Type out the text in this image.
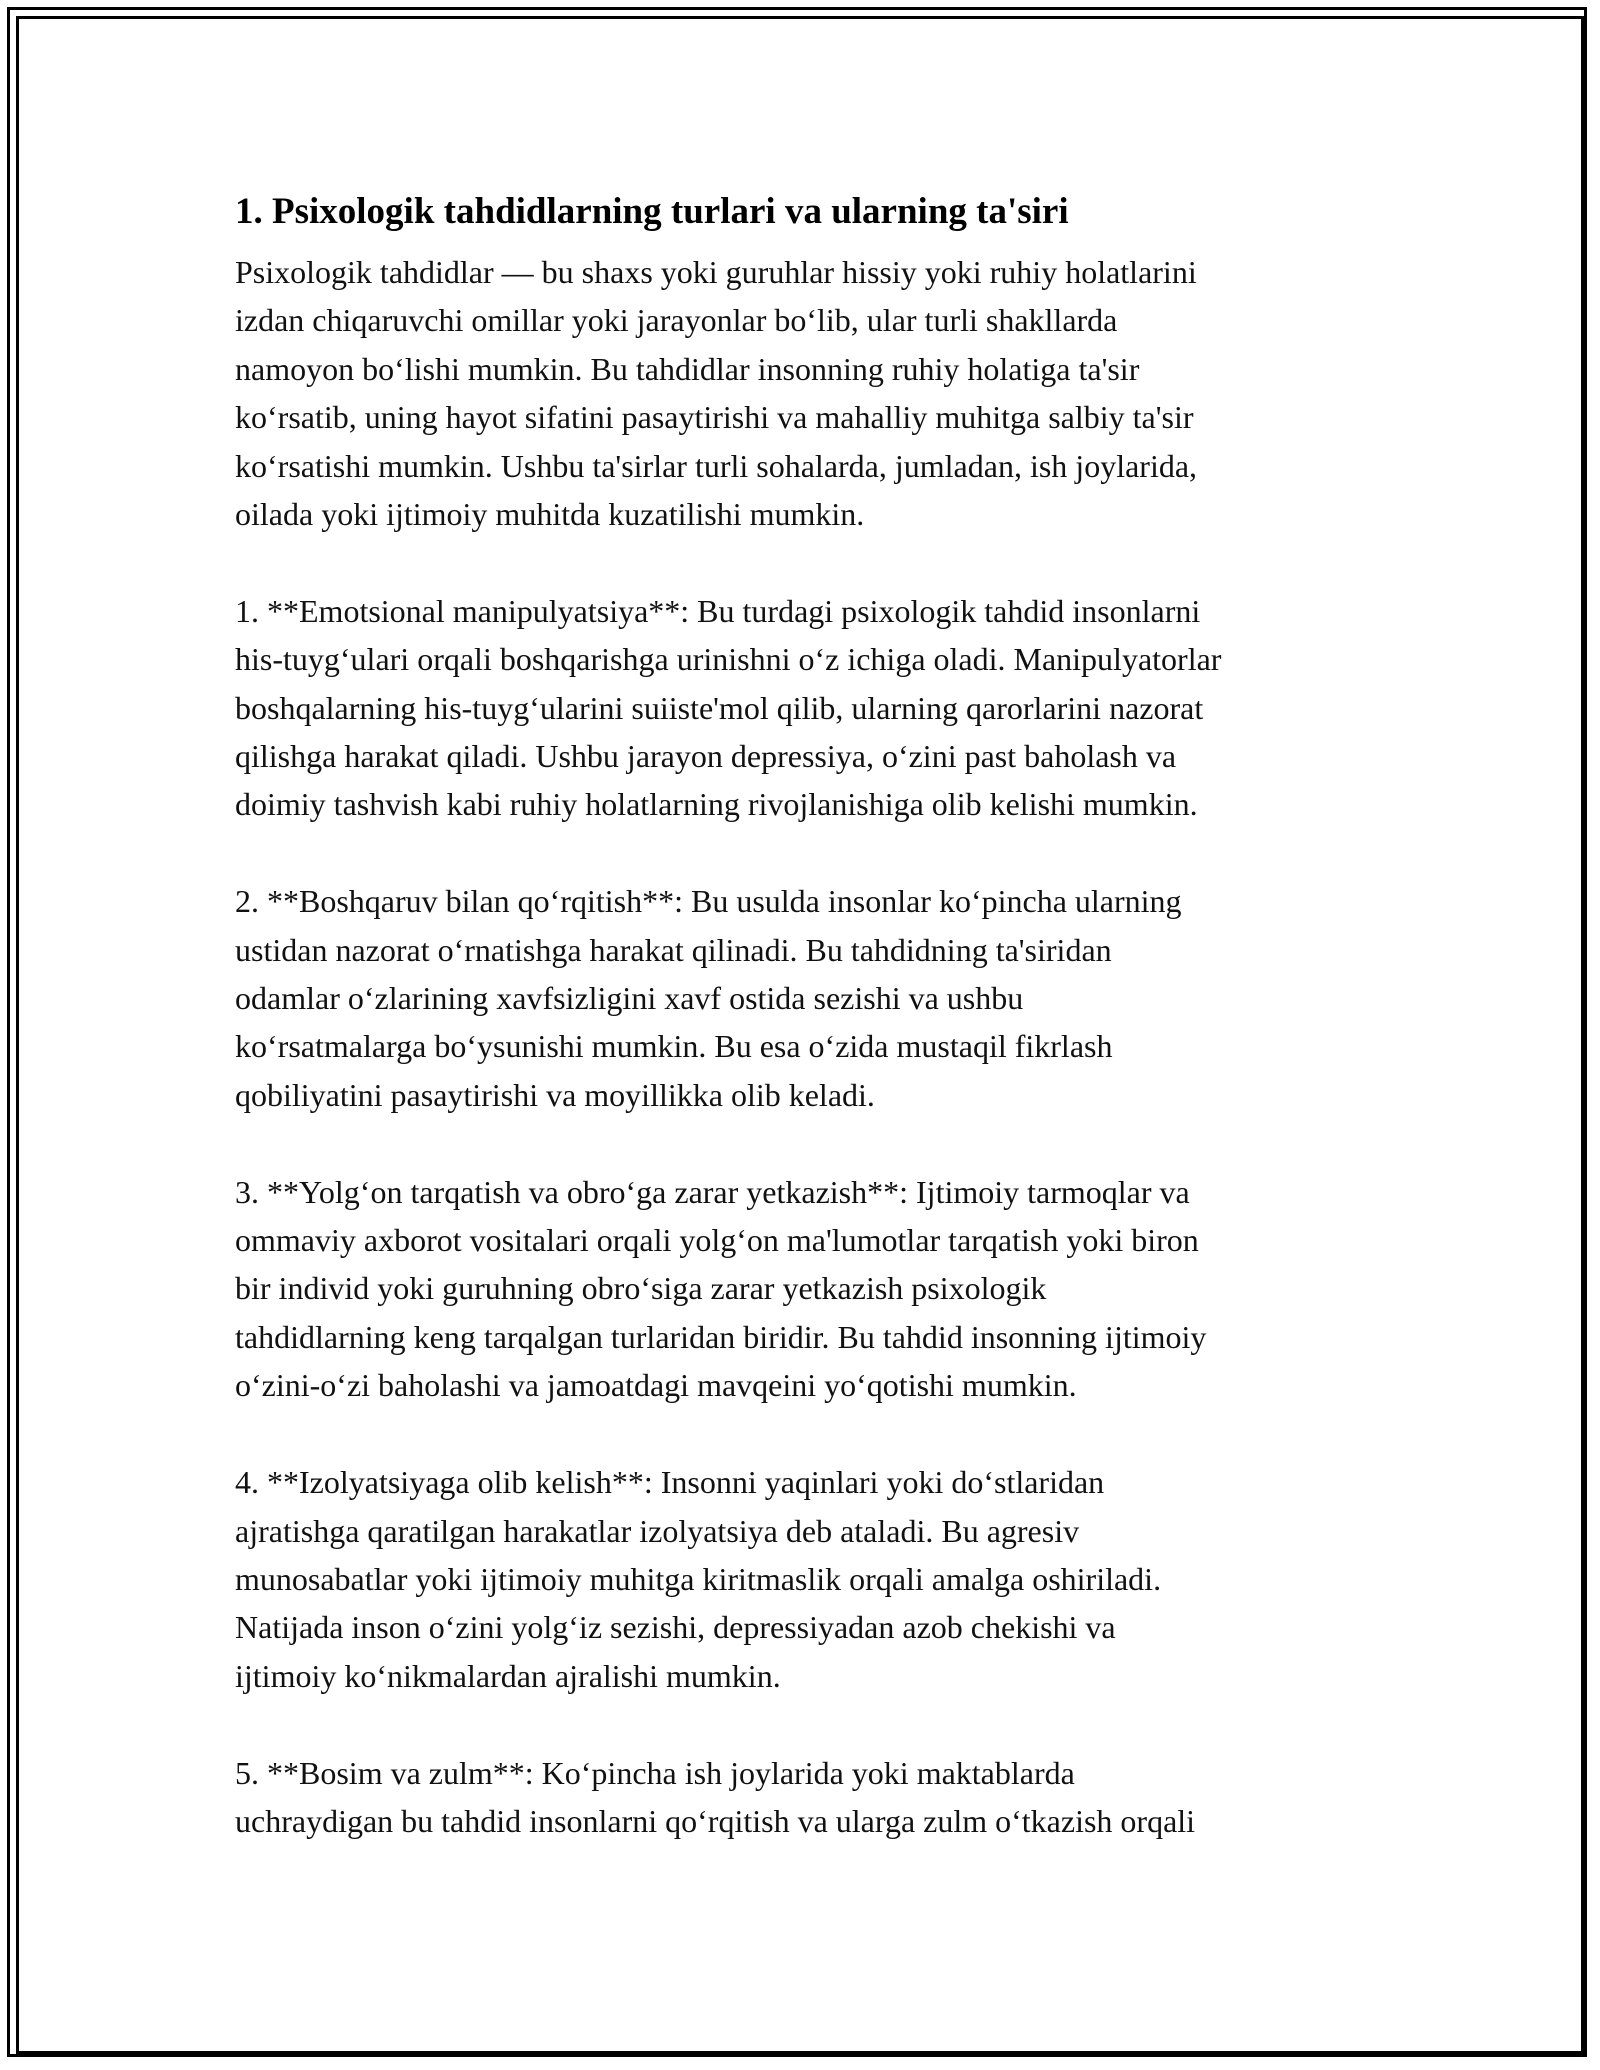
1. Psixologik tahdidlarning turlari va ularning ta'siri

Psixologik tahdidlar — bu shaxs yoki guruhlar hissiy yoki ruhiy holatlarini
izdan chiqaruvchi omillar yoki jarayonlar bo‘lib, ular turli shakllarda
namoyon bo‘lishi mumkin. Bu tahdidlar insonning ruhiy holatiga ta'sir
ko‘rsatib, uning hayot sifatini pasaytirishi va mahalliy muhitga salbiy ta'sir
ko‘rsatishi mumkin. Ushbu ta'sirlar turli sohalarda, jumladan, ish joylarida,
oilada yoki ijtimoiy muhitda kuzatilishi mumkin.

1. **Emotsional manipulyatsiya**: Bu turdagi psixologik tahdid insonlarni
his-tuyg‘ulari orqali boshqarishga urinishni o‘z ichiga oladi. Manipulyatorlar
boshqalarning his-tuyg‘ularini suiiste'mol qilib, ularning qarorlarini nazorat
qilishga harakat qiladi. Ushbu jarayon depressiya, o‘zini past baholash va
doimiy tashvish kabi ruhiy holatlarning rivojlanishiga olib kelishi mumkin.

2. **Boshqaruv bilan qo‘rqitish**: Bu usulda insonlar ko‘pincha ularning
ustidan nazorat o‘rnatishga harakat qilinadi. Bu tahdidning ta'siridan
odamlar o‘zlarining xavfsizligini xavf ostida sezishi va ushbu
ko‘rsatmalarga bo‘ysunishi mumkin. Bu esa o‘zida mustaqil fikrlash
qobiliyatini pasaytirishi va moyillikka olib keladi.

3. **Yolg‘on tarqatish va obro‘ga zarar yetkazish**: Ijtimoiy tarmoqlar va
ommaviy axborot vositalari orqali yolg‘on ma'lumotlar tarqatish yoki biron
bir individ yoki guruhning obro‘siga zarar yetkazish psixologik
tahdidlarning keng tarqalgan turlaridan biridir. Bu tahdid insonning ijtimoiy
o‘zini-o‘zi baholashi va jamoatdagi mavqeini yo‘qotishi mumkin.

4. **Izolyatsiyaga olib kelish**: Insonni yaqinlari yoki do‘stlaridan
ajratishga qaratilgan harakatlar izolyatsiya deb ataladi. Bu agresiv
munosabatlar yoki ijtimoiy muhitga kiritmaslik orqali amalga oshiriladi.
Natijada inson o‘zini yolg‘iz sezishi, depressiyadan azob chekishi va
ijtimoiy ko‘nikmalardan ajralishi mumkin.

5. **Bosim va zulm**: Ko‘pincha ish joylarida yoki maktablarda
uchraydigan bu tahdid insonlarni qo‘rqitish va ularga zulm o‘tkazish orqali
